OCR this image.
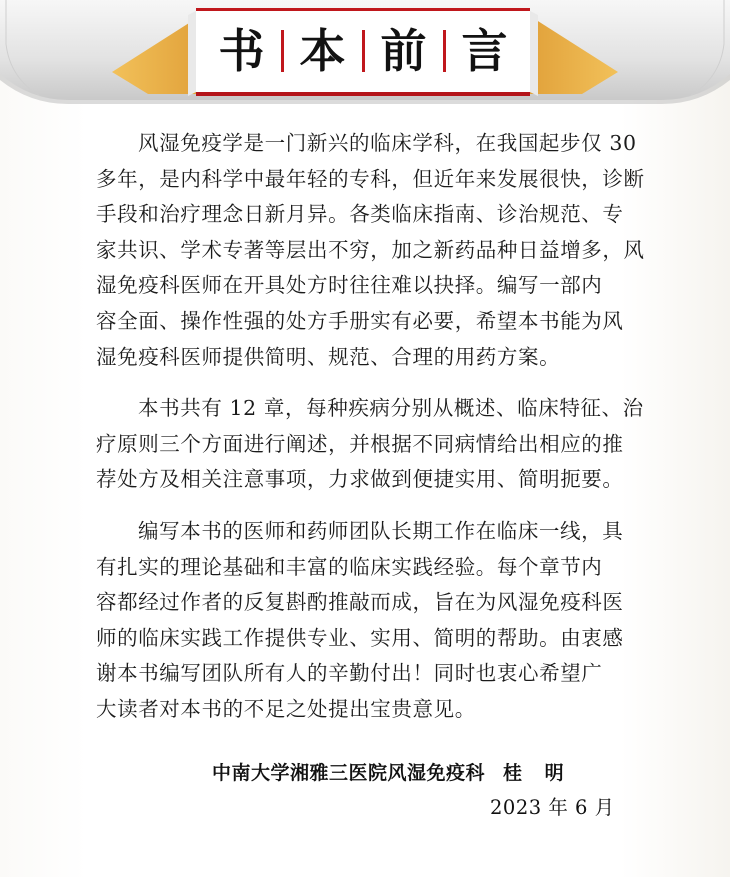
书 本 前 言

风湿免疫学是一门新兴的临床学科，在我国起步仅 30
多年，是内科学中最年轻的专科，但近年来发展很快，诊断
手段和治疗理念日新月异。各类临床指南、诊治规范、专
家共识、学术专著等层出不穷，加之新药品种日益增多，风
湿免疫科医师在开具处方时往往难以抉择。编写一部内
容全面、操作性强的处方手册实有必要，希望本书能为风
湿免疫科医师提供简明、规范、合理的用药方案。

本书共有 12 章，每种疾病分别从概述、临床特征、治
疗原则三个方面进行阐述，并根据不同病情给出相应的推
荐处方及相关注意事项，力求做到便捷实用、简明扼要。

编写本书的医师和药师团队长期工作在临床一线，具
有扎实的理论基础和丰富的临床实践经验。每个章节内
容都经过作者的反复斟酌推敲而成，旨在为风湿免疫科医
师的临床实践工作提供专业、实用、简明的帮助。由衷感
谢本书编写团队所有人的辛勤付出！同时也衷心希望广
大读者对本书的不足之处提出宝贵意见。

中南大学湘雅三医院风湿免疫科 桂 明
2023 年 6 月
